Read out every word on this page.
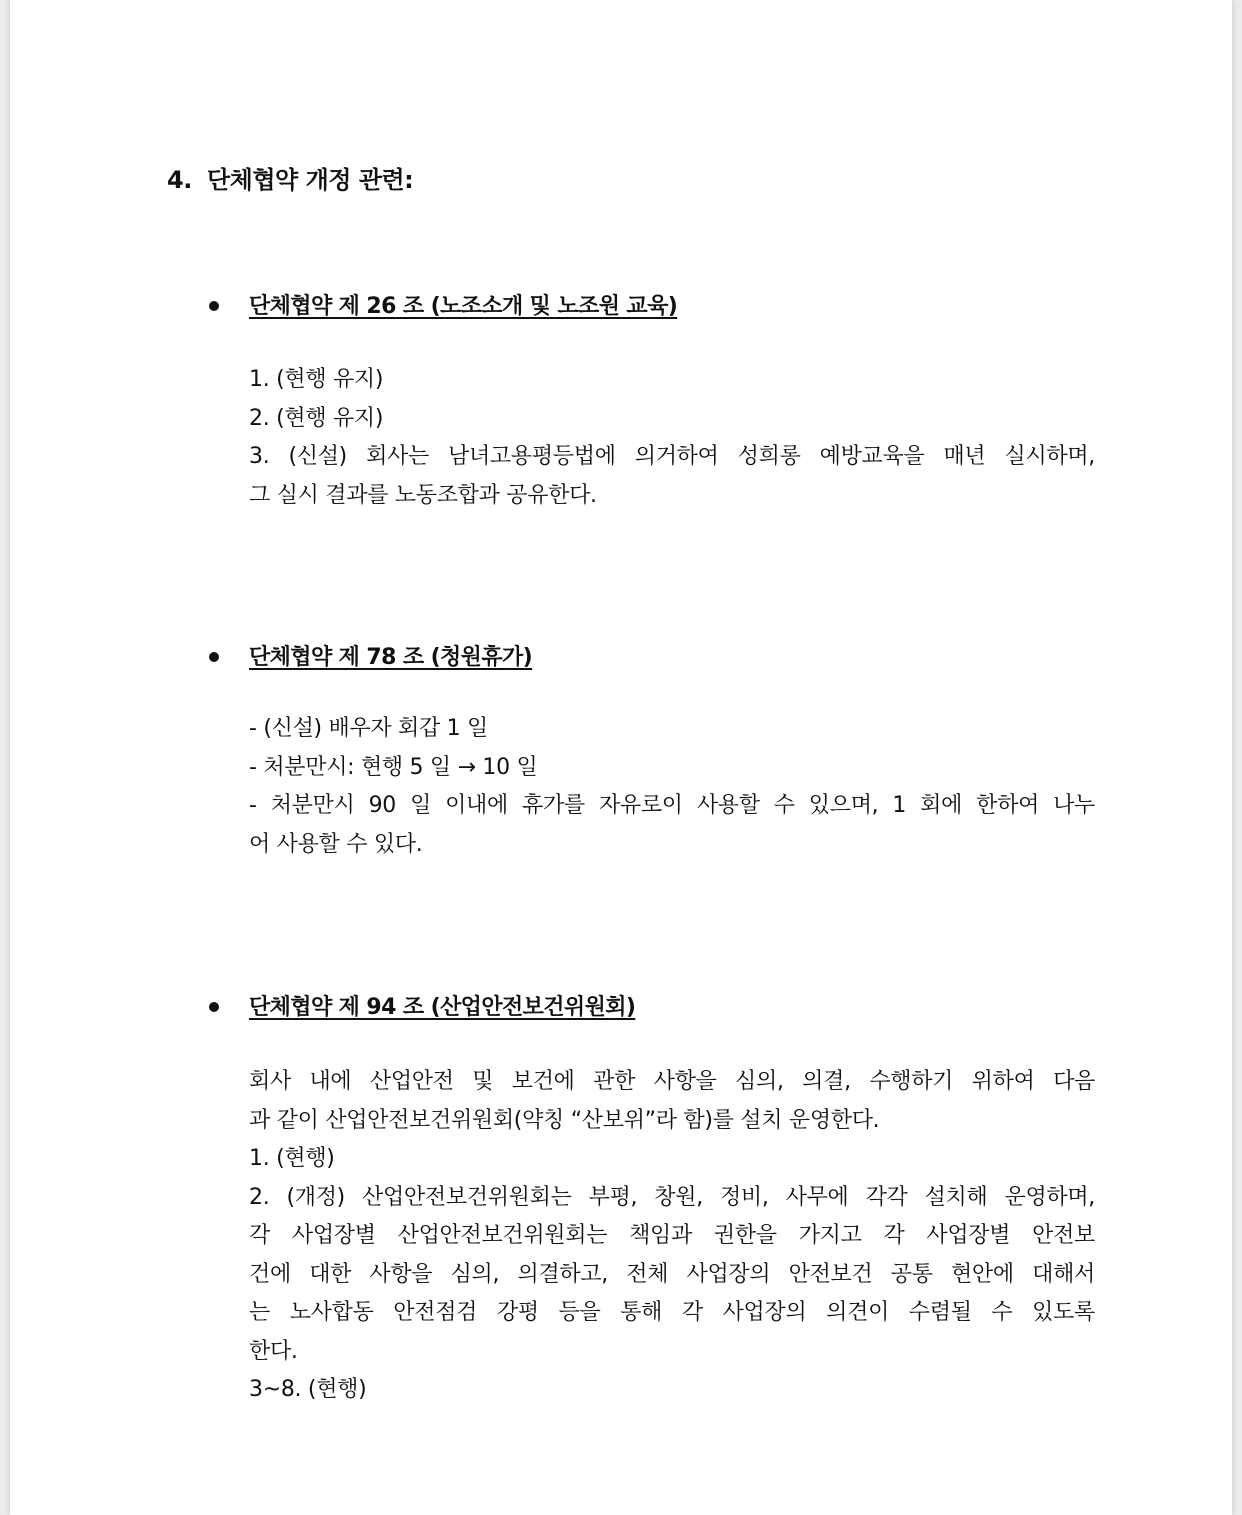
4. 단체협약 개정 관련:
단체협약 제 26 조 (노조소개 및 노조원 교육)
1. (현행 유지)
2. (현행 유지)
3. (신설) 회사는 남녀고용평등법에 의거하여 성희롱 예방교육을 매년 실시하며,
그 실시 결과를 노동조합과 공유한다.
단체협약 제 78 조 (청원휴가)
- (신설) 배우자 회갑 1 일
- 처분만시: 현행 5 일 → 10 일
- 처분만시 90 일 이내에 휴가를 자유로이 사용할 수 있으며, 1 회에 한하여 나누
어 사용할 수 있다.
단체협약 제 94 조 (산업안전보건위원회)
회사 내에 산업안전 및 보건에 관한 사항을 심의, 의결, 수행하기 위하여 다음
과 같이 산업안전보건위원회(약칭 “산보위”라 함)를 설치 운영한다.
1. (현행)
2. (개정) 산업안전보건위원회는 부평, 창원, 정비, 사무에 각각 설치해 운영하며,
각 사업장별 산업안전보건위원회는 책임과 권한을 가지고 각 사업장별 안전보
건에 대한 사항을 심의, 의결하고, 전체 사업장의 안전보건 공통 현안에 대해서
는 노사합동 안전점검 강평 등을 통해 각 사업장의 의견이 수렴될 수 있도록
한다.
3~8. (현행)
